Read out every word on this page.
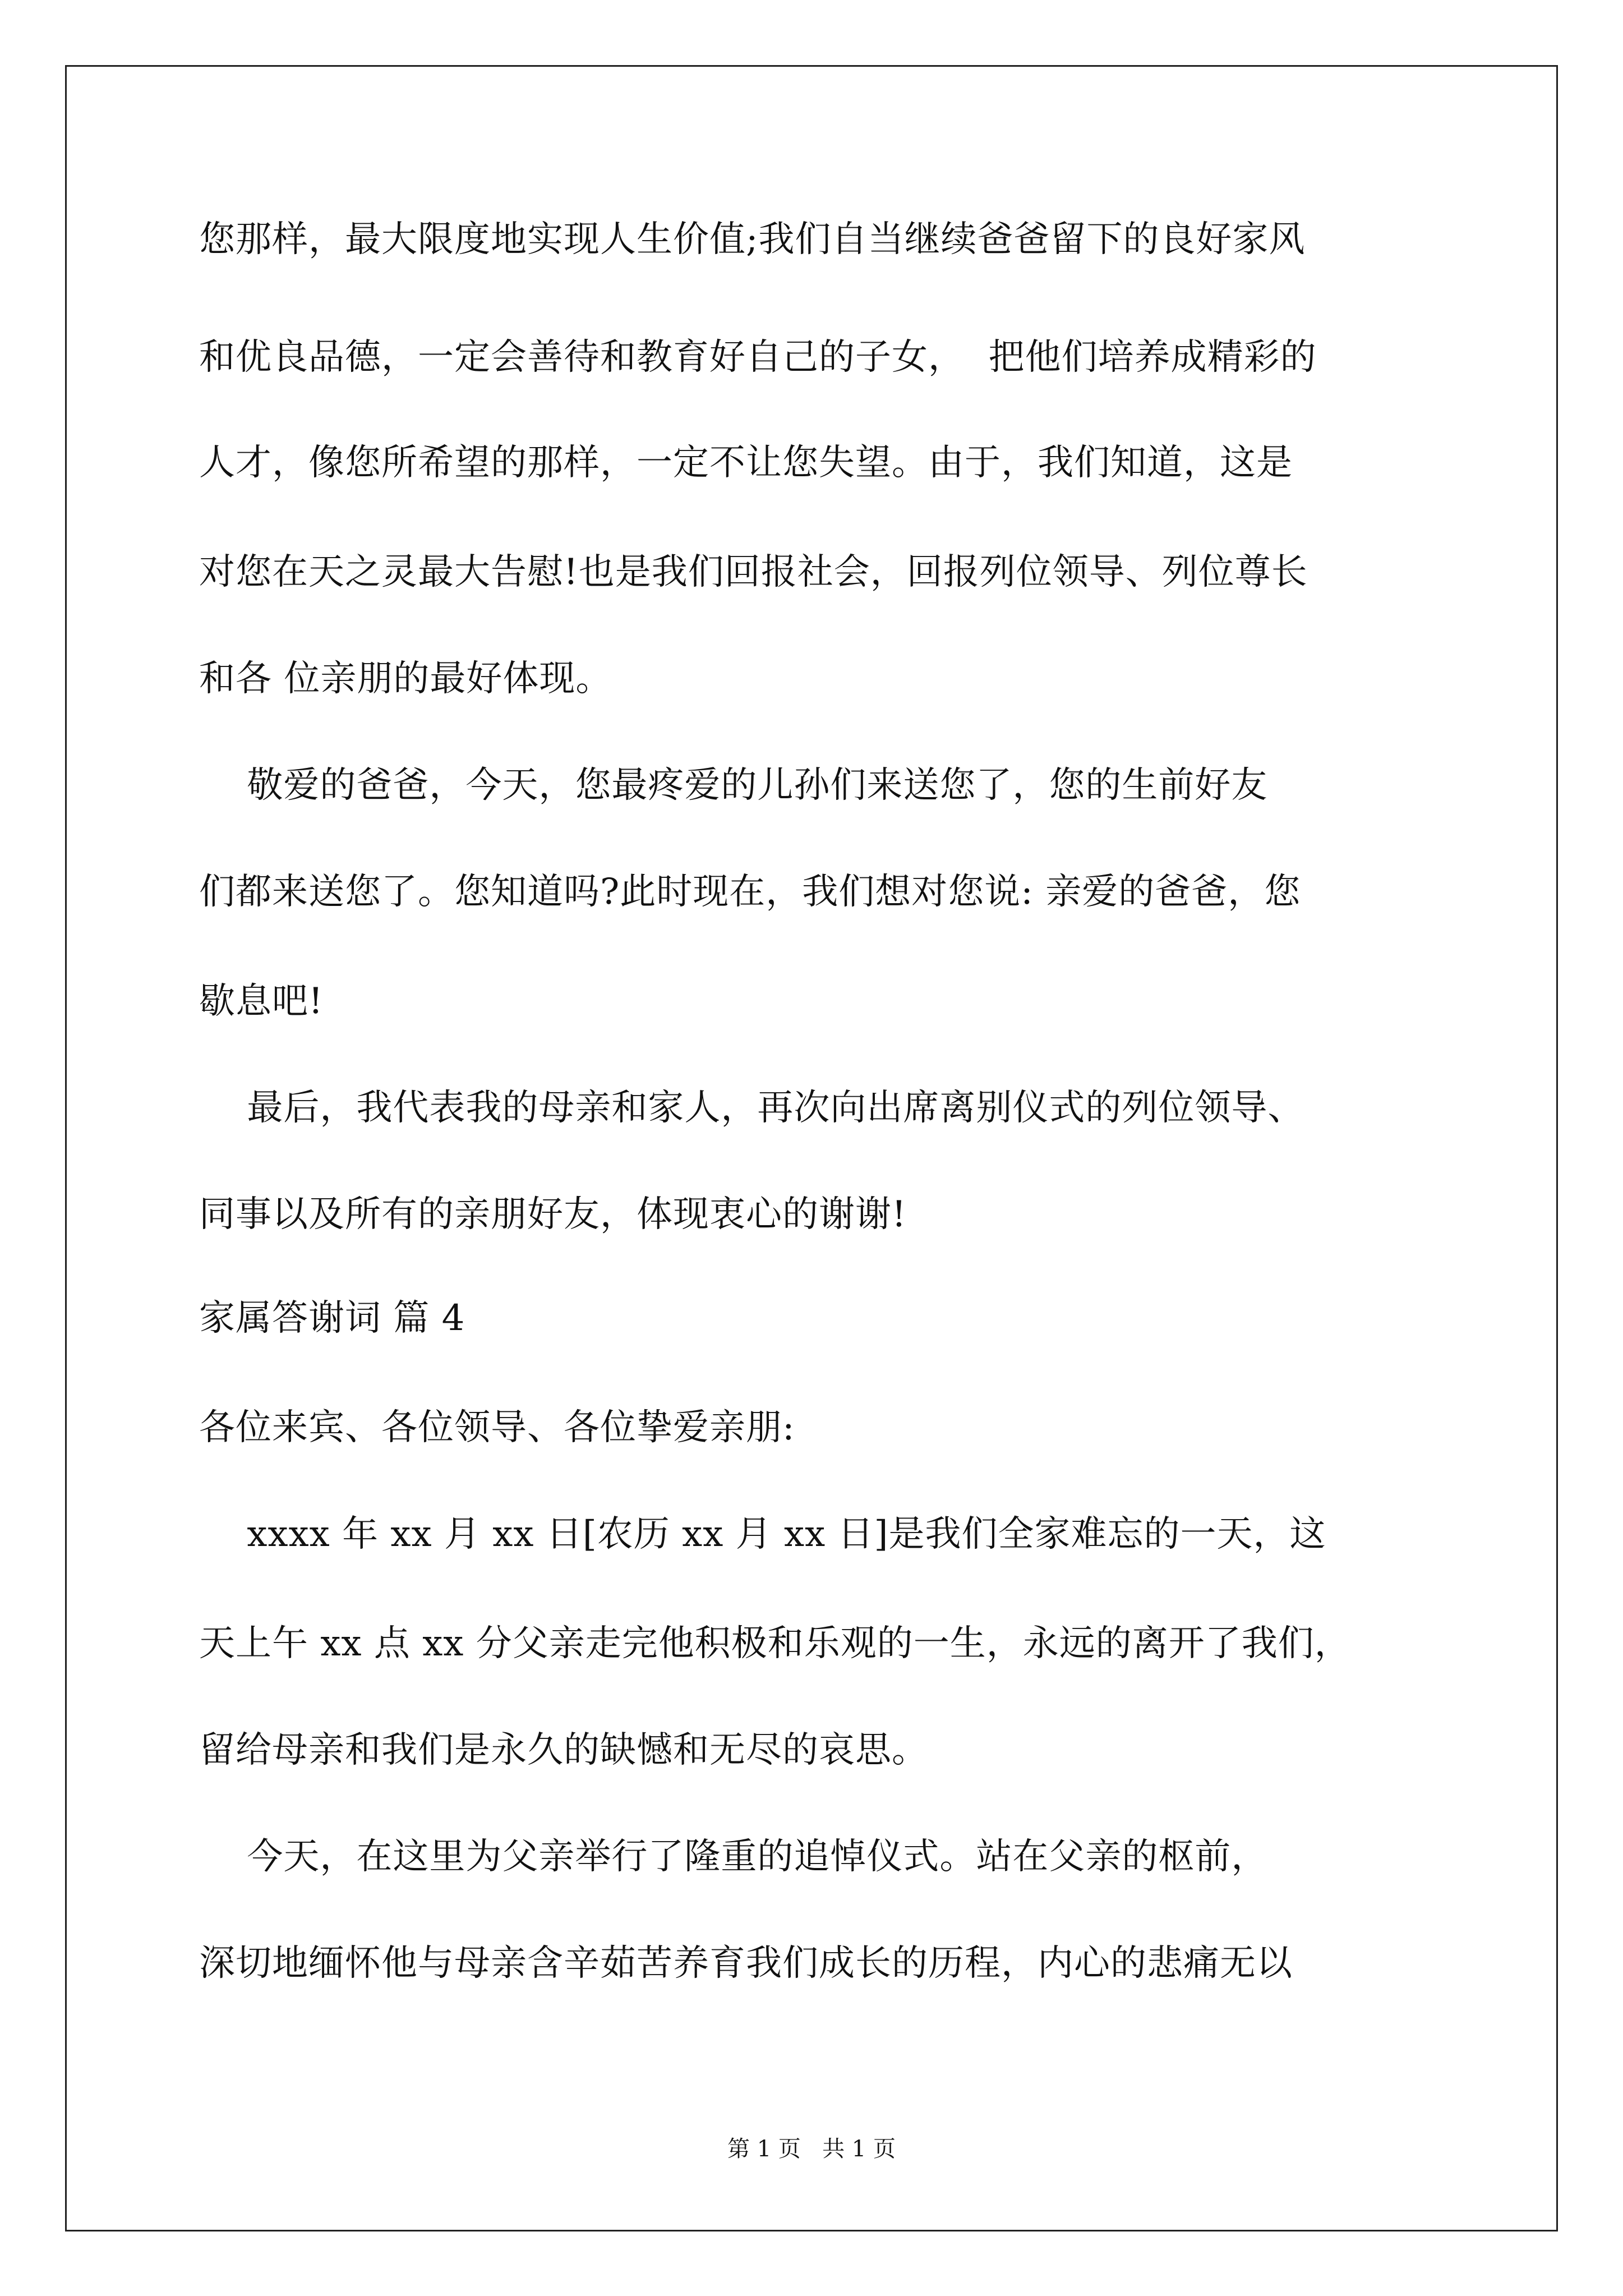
您那样，最大限度地实现人生价值;我们自当继续爸爸留下的良好家风
和优良品德，一定会善待和教育好自己的子女，  把他们培养成精彩的
人才，像您所希望的那样，一定不让您失望。由于，我们知道，这是
对您在天之灵最大告慰!也是我们回报社会，回报列位领导、列位尊长
和各 位亲朋的最好体现。
敬爱的爸爸，今天，您最疼爱的儿孙们来送您了，您的生前好友
们都来送您了。您知道吗?此时现在，我们想对您说: 亲爱的爸爸，您
歇息吧!
最后，我代表我的母亲和家人，再次向出席离别仪式的列位领导、
同事以及所有的亲朋好友，体现衷心的谢谢!
家属答谢词 篇 4
各位来宾、各位领导、各位挚爱亲朋:
xxxx 年 xx 月 xx 日[农历 xx 月 xx 日]是我们全家难忘的一天，这
天上午 xx 点 xx 分父亲走完他积极和乐观的一生，永远的离开了我们，
留给母亲和我们是永久的缺憾和无尽的哀思。
今天，在这里为父亲举行了隆重的追悼仪式。站在父亲的枢前，
深切地缅怀他与母亲含辛茹苦养育我们成长的历程，内心的悲痛无以
第 1 页   共 1 页
